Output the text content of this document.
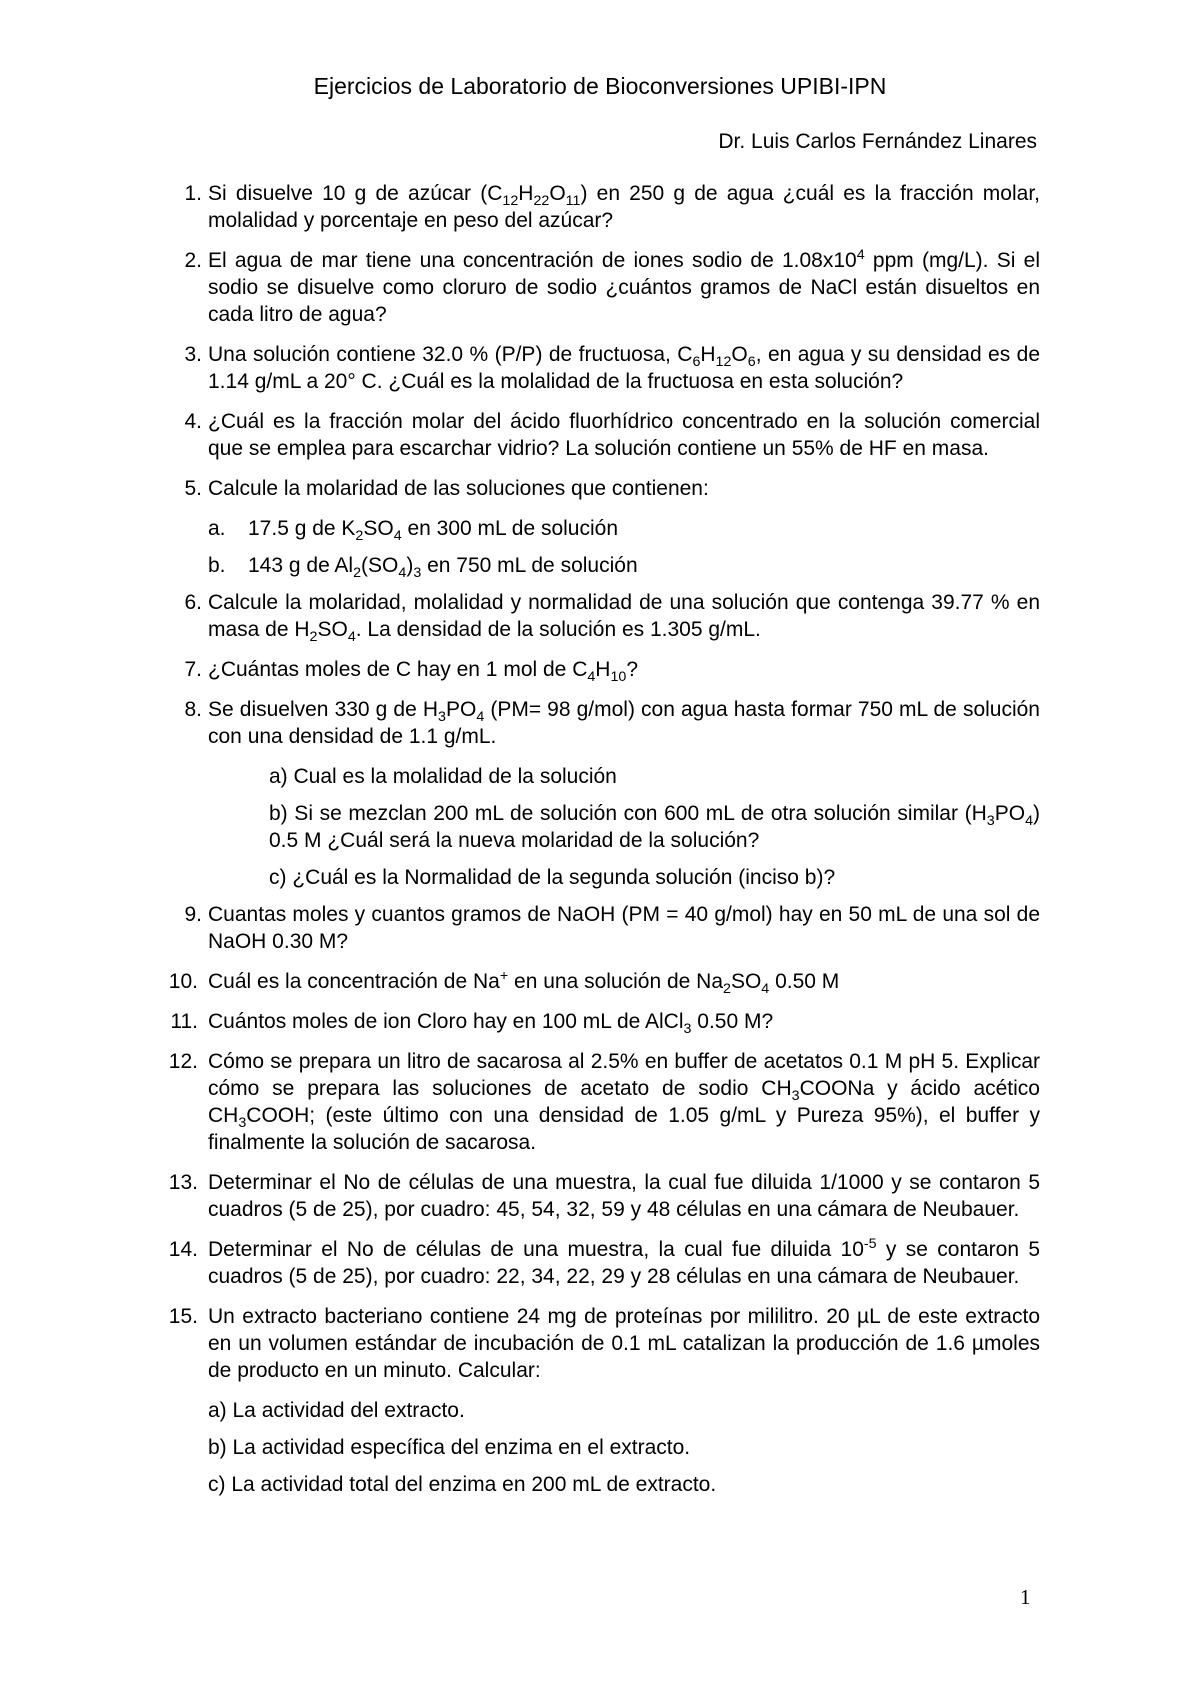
Ejercicios de Laboratorio de Bioconversiones UPIBI-IPN
Dr. Luis Carlos Fernández Linares
1. Si disuelve 10 g de azúcar $(C_{12}H_{22}O_{11})$ en 250 g de agua ¿cuál es la fracción molar, molalidad y porcentaje en peso del azúcar?
2. El agua de mar tiene una concentración de iones sodio de $1.08x10^4$ ppm (mg/L). Si el sodio se disuelve como cloruro de sodio ¿cuántos gramos de NaCl están disueltos en cada litro de agua?
3. Una solución contiene 32.0 % (P/P) de fructuosa, $C_6H_{12}O_6$, en agua y su densidad es de 1.14 g/mL a 20° C. ¿Cuál es la molalidad de la fructuosa en esta solución?
4. ¿Cuál es la fracción molar del ácido fluorhídrico concentrado en la solución comercial que se emplea para escarchar vidrio? La solución contiene un 55% de HF en masa.
5. Calcule la molaridad de las soluciones que contienen:
a. 17.5 g de $K_2SO_4$ en 300 mL de solución
b. 143 g de $Al_2(SO_4)_3$ en 750 mL de solución
6. Calcule la molaridad, molalidad y normalidad de una solución que contenga 39.77 % en masa de $H_2SO_4$. La densidad de la solución es 1.305 g/mL.
7. ¿Cuántas moles de C hay en 1 mol de $C_4H_{10}$?
8. Se disuelven 330 g de $H_3PO_4$ (PM= 98 g/mol) con agua hasta formar 750 mL de solución con una densidad de 1.1 g/mL.
a) Cual es la molalidad de la solución
b) Si se mezclan 200 mL de solución con 600 mL de otra solución similar $(H_3PO_4)$ 0.5 M ¿Cuál será la nueva molaridad de la solución?
c) ¿Cuál es la Normalidad de la segunda solución (inciso b)?
9. Cuantas moles y cuantos gramos de NaOH (PM = 40 g/mol) hay en 50 mL de una sol de NaOH 0.30 M?
10. Cuál es la concentración de Na+ en una solución de $Na_2SO_4$ 0.50 M
11. Cuántos moles de ion Cloro hay en 100 mL de AlCl$_3$ 0.50 M?
12. Cómo se prepara un litro de sacarosa al 2.5% en buffer de acetatos 0.1 M pH 5. Explicar cómo se prepara las soluciones de acetato de sodio $CH_3COONa$ y ácido acético $CH_3COOH$; (este último con una densidad de 1.05 g/mL y Pureza 95%), el buffer y finalmente la solución de sacarosa.
13. Determinar el No de células de una muestra, la cual fue diluida 1/1000 y se contaron 5 cuadros (5 de 25), por cuadro: 45, 54, 32, 59 y 48 células en una cámara de Neubauer.
14. Determinar el No de células de una muestra, la cual fue diluida $10^{-5}$ y se contaron 5 cuadros (5 de 25), por cuadro: 22, 34, 22, 29 y 28 células en una cámara de Neubauer.
15. Un extracto bacteriano contiene 24 mg de proteínas por mililitro. 20 µL de este extracto en un volumen estándar de incubación de 0.1 mL catalizan la producción de 1.6 µmoles de producto en un minuto. Calcular:
a) La actividad del extracto.
b) La actividad específica del enzima en el extracto.
c) La actividad total del enzima en 200 mL de extracto.
1
